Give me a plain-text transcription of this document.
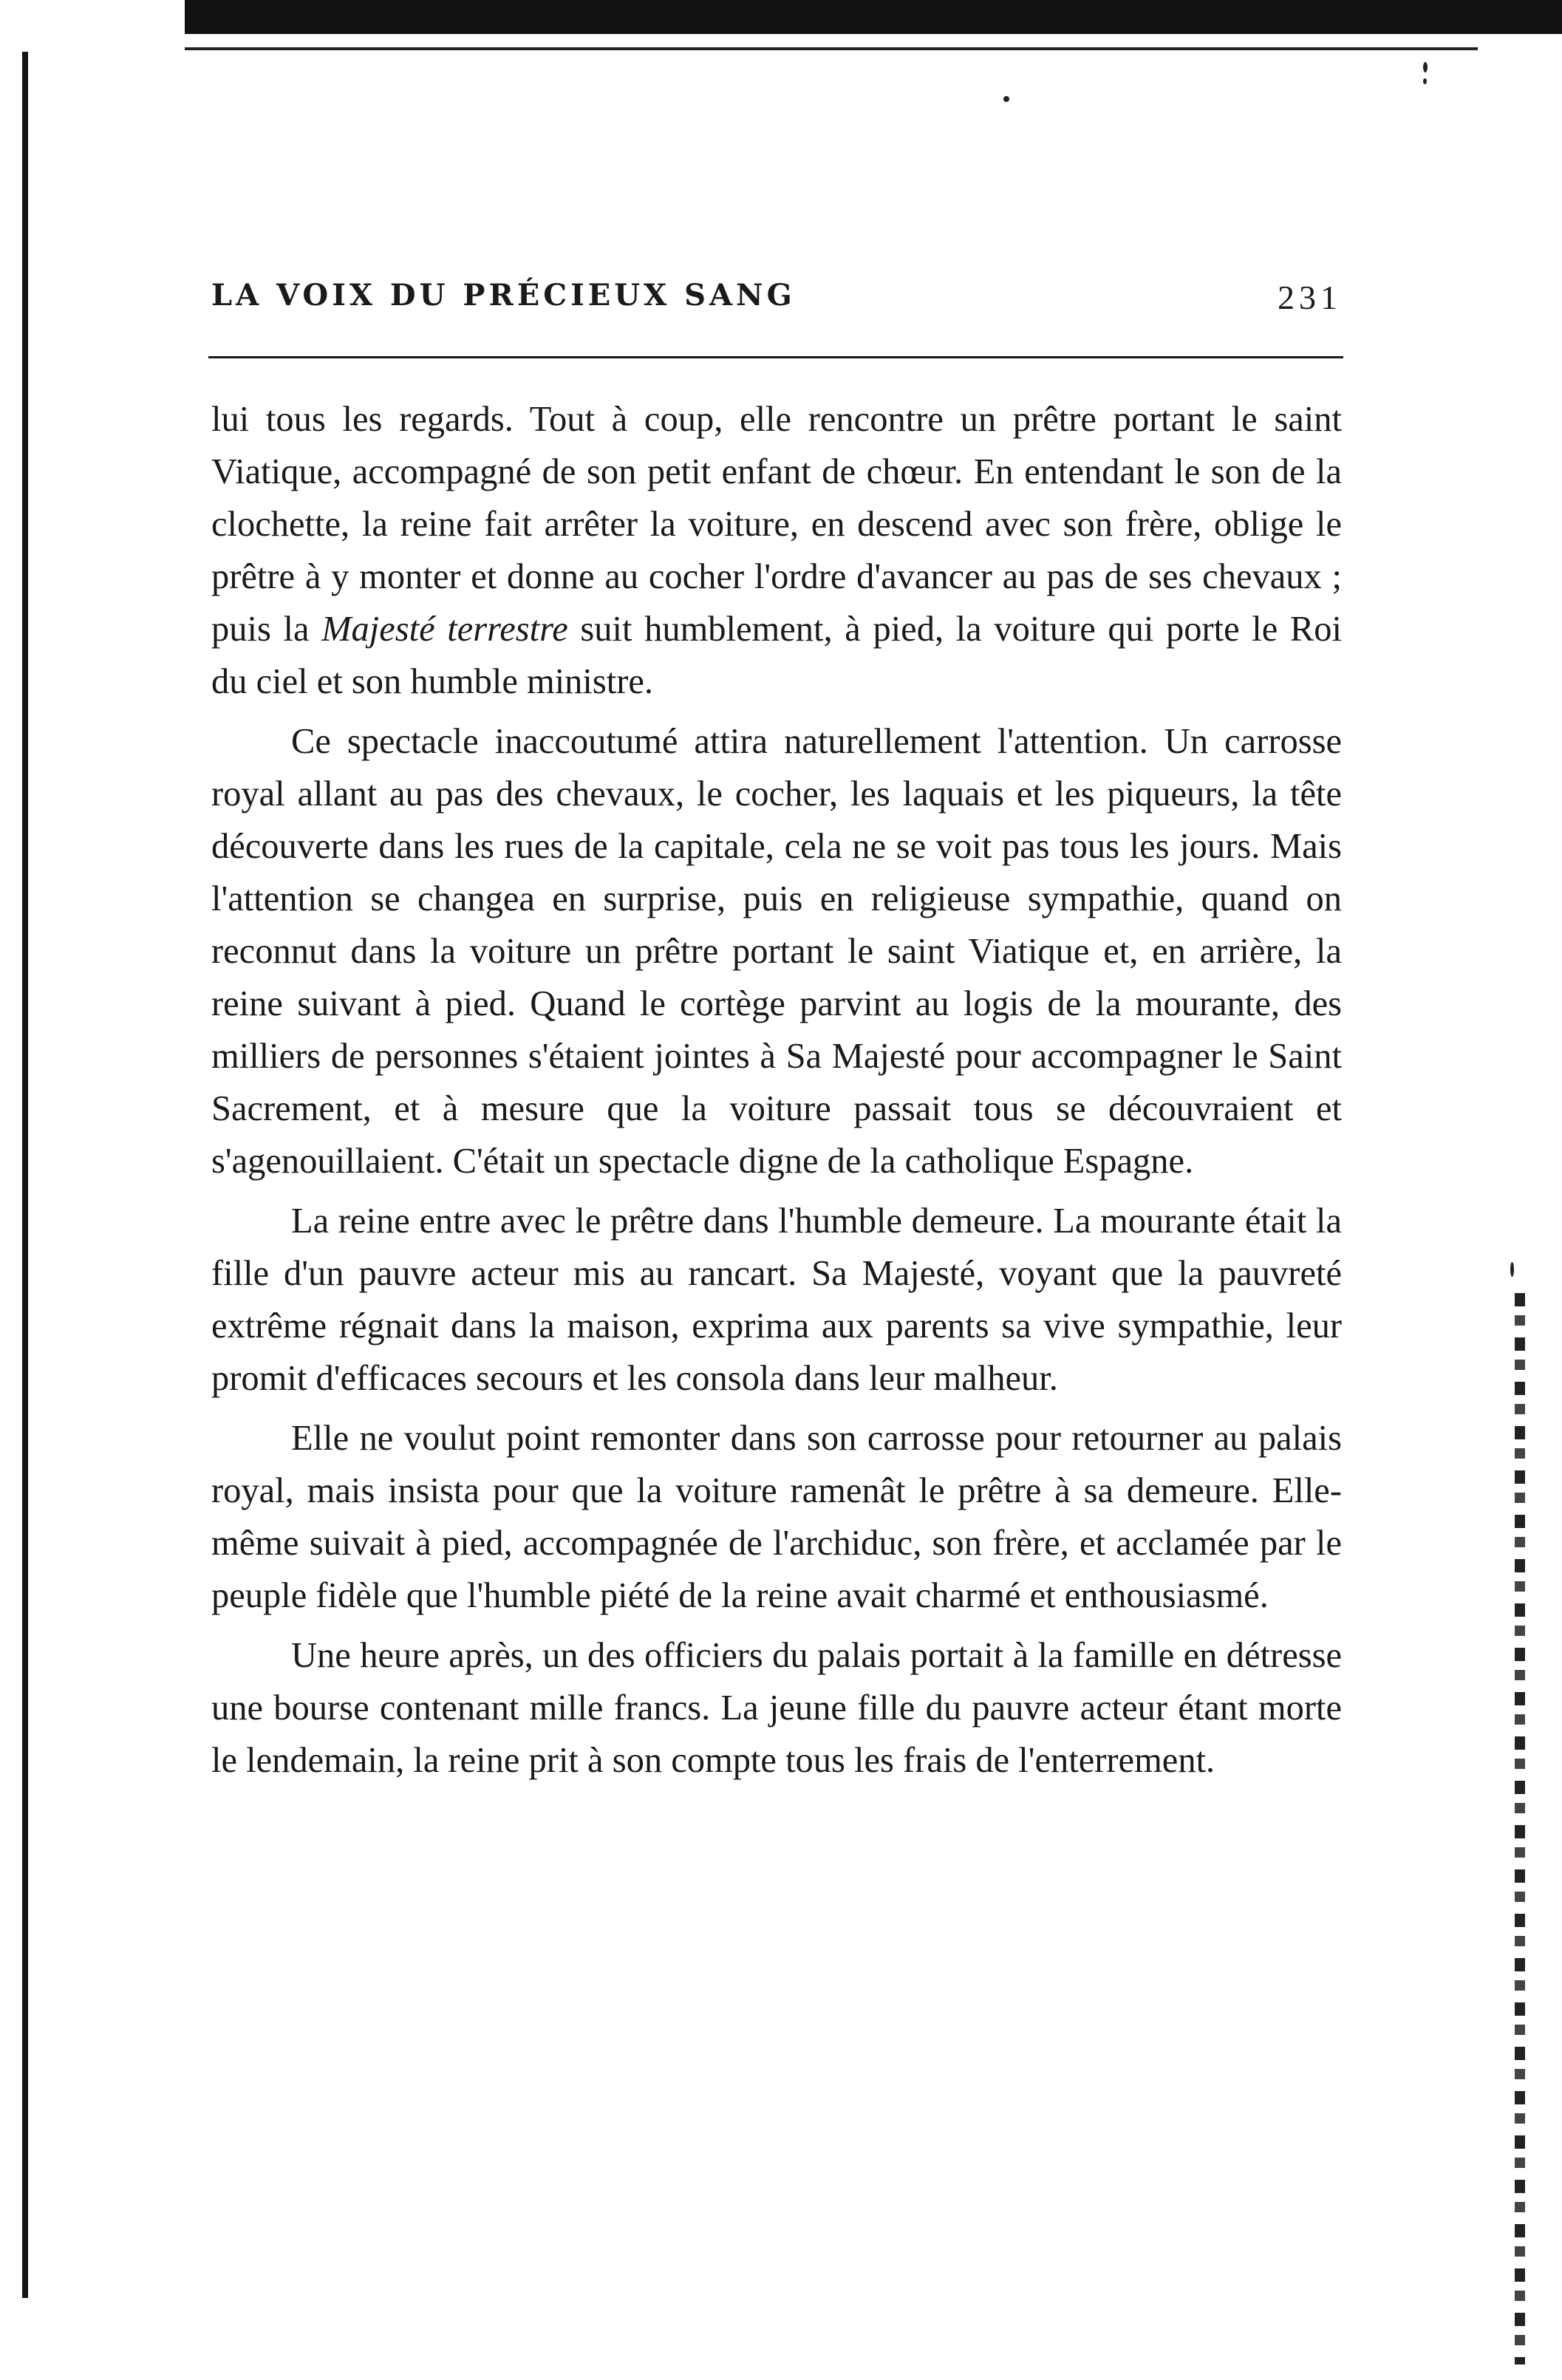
LA VOIX DU PRÉCIEUX SANG	231

lui tous les regards. Tout à coup, elle rencontre un prêtre portant le saint Viatique, accompagné de son petit enfant de chœur. En entendant le son de la clochette, la reine fait arrêter la voiture, en descend avec son frère, oblige le prêtre à y monter et donne au cocher l'ordre d'avancer au pas de ses chevaux ; puis la Majesté terrestre suit humblement, à pied, la voiture qui porte le Roi du ciel et son humble ministre.

Ce spectacle inaccoutumé attira naturellement l'attention. Un carrosse royal allant au pas des chevaux, le cocher, les laquais et les piqueurs, la tête découverte dans les rues de la capitale, cela ne se voit pas tous les jours. Mais l'attention se changea en surprise, puis en religieuse sympathie, quand on reconnut dans la voiture un prêtre portant le saint Viatique et, en arrière, la reine suivant à pied. Quand le cortège parvint au logis de la mourante, des milliers de personnes s'étaient jointes à Sa Majesté pour accompagner le Saint Sacrement, et à mesure que la voiture passait tous se découvraient et s'agenouillaient. C'était un spectacle digne de la catholique Espagne.

La reine entre avec le prêtre dans l'humble demeure. La mourante était la fille d'un pauvre acteur mis au rancart. Sa Majesté, voyant que la pauvreté extrême régnait dans la maison, exprima aux parents sa vive sympathie, leur promit d'efficaces secours et les consola dans leur malheur.

Elle ne voulut point remonter dans son carrosse pour retourner au palais royal, mais insista pour que la voiture ramenât le prêtre à sa demeure. Elle-même suivait à pied, accompagnée de l'archiduc, son frère, et acclamée par le peuple fidèle que l'humble piété de la reine avait charmé et enthousiasmé.

Une heure après, un des officiers du palais portait à la famille en détresse une bourse contenant mille francs. La jeune fille du pauvre acteur étant morte le lendemain, la reine prit à son compte tous les frais de l'enterrement.
